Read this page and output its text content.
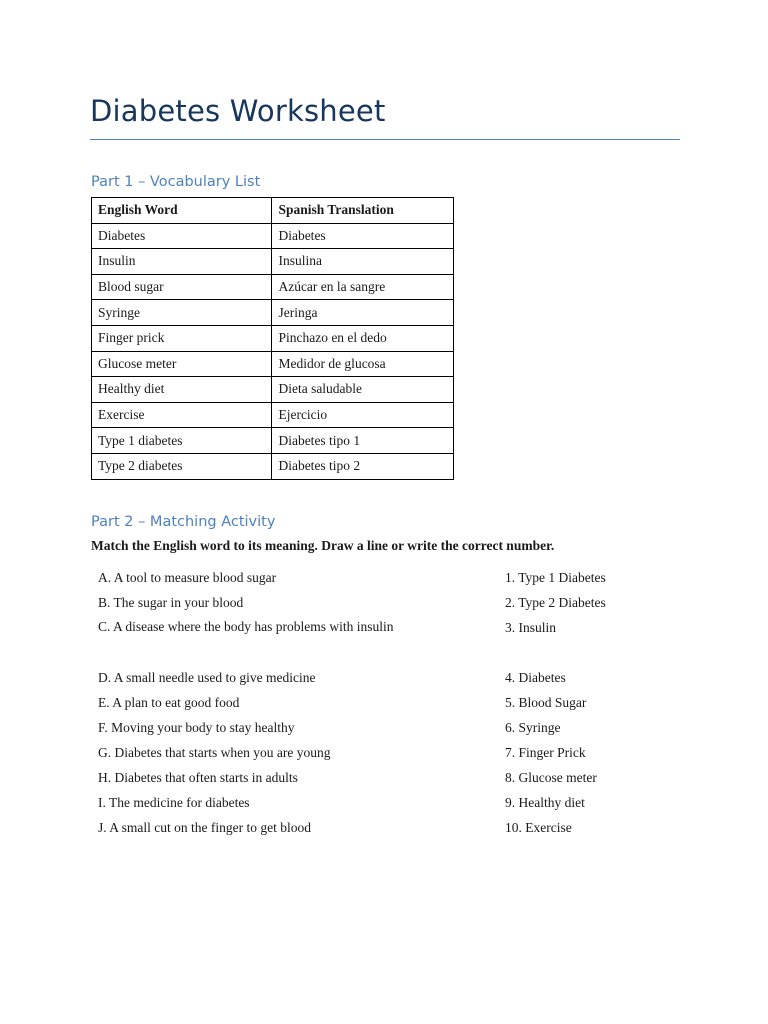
Diabetes Worksheet
Part 1 – Vocabulary List
English Word	Spanish Translation
Diabetes	Diabetes
Insulin	Insulina
Blood sugar	Azúcar en la sangre
Syringe	Jeringa
Finger prick	Pinchazo en el dedo
Glucose meter	Medidor de glucosa
Healthy diet	Dieta saludable
Exercise	Ejercicio
Type 1 diabetes	Diabetes tipo 1
Type 2 diabetes	Diabetes tipo 2
Part 2 – Matching Activity

Match the English word to its meaning. Draw a line or write the correct number.

A. A tool to measure blood sugar
B. The sugar in your blood
C. A disease where the body has problems with insulin
D. A small needle used to give medicine
E. A plan to eat good food
F. Moving your body to stay healthy
G. Diabetes that starts when you are young
H. Diabetes that often starts in adults
I. The medicine for diabetes
J. A small cut on the finger to get blood
1. Type 1 Diabetes
2. Type 2 Diabetes
3. Insulin
4. Diabetes
5. Blood Sugar
6. Syringe
7. Finger Prick
8. Glucose meter
9. Healthy diet
10. Exercise
